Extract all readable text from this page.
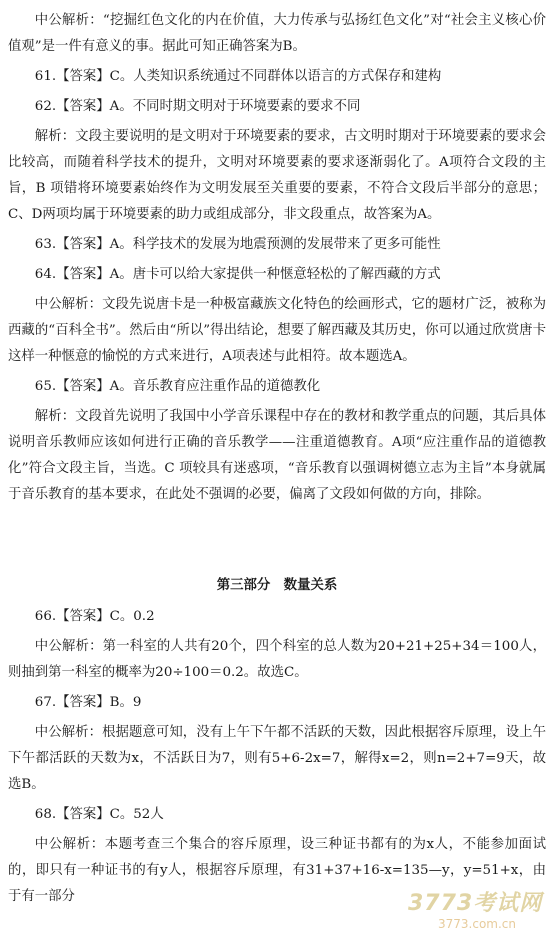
中公解析：“挖掘红色文化的内在价值，大力传承与弘扬红色文化”对“社会主义核心价值观”是一件有意义的事。据此可知正确答案为B。

61.【答案】C。人类知识系统通过不同群体以语言的方式保存和建构

62.【答案】A。不同时期文明对于环境要素的要求不同

解析：文段主要说明的是文明对于环境要素的要求，古文明时期对于环境要素的要求会比较高，而随着科学技术的提升，文明对环境要素的要求逐渐弱化了。A项符合文段的主旨，B 项错将环境要素始终作为文明发展至关重要的要素，不符合文段后半部分的意思；C、D两项均属于环境要素的助力或组成部分，非文段重点，故答案为A。

63.【答案】A。科学技术的发展为地震预测的发展带来了更多可能性

64.【答案】A。唐卡可以给大家提供一种惬意轻松的了解西藏的方式

中公解析：文段先说唐卡是一种极富藏族文化特色的绘画形式，它的题材广泛，被称为西藏的“百科全书”。然后由“所以”得出结论，想要了解西藏及其历史，你可以通过欣赏唐卡这样一种惬意的愉悦的方式来进行，A项表述与此相符。故本题选A。

65.【答案】A。音乐教育应注重作品的道德教化

解析：文段首先说明了我国中小学音乐课程中存在的教材和教学重点的问题，其后具体说明音乐教师应该如何进行正确的音乐教学——注重道德教育。A项“应注重作品的道德教化”符合文段主旨，当选。C 项较具有迷惑项，“音乐教育以强调树德立志为主旨”本身就属于音乐教育的基本要求，在此处不强调的必要，偏离了文段如何做的方向，排除。

第三部分　数量关系

66.【答案】C。0.2

中公解析：第一科室的人共有20个，四个科室的总人数为20+21+25+34＝100人，则抽到第一科室的概率为20÷100＝0.2。故选C。

67.【答案】B。9

中公解析：根据题意可知，没有上午下午都不活跃的天数，因此根据容斥原理，设上午下午都活跃的天数为x，不活跃日为7，则有5+6-2x=7，解得x=2，则n=2+7=9天，故选B。

68.【答案】C。52人

中公解析：本题考查三个集合的容斥原理，设三种证书都有的为x人，不能参加面试的，即只有一种证书的有y人，根据容斥原理，有31+37+16-x=135—y，y=51+x，由于有一部分	3773考试网
3773.com.cn
